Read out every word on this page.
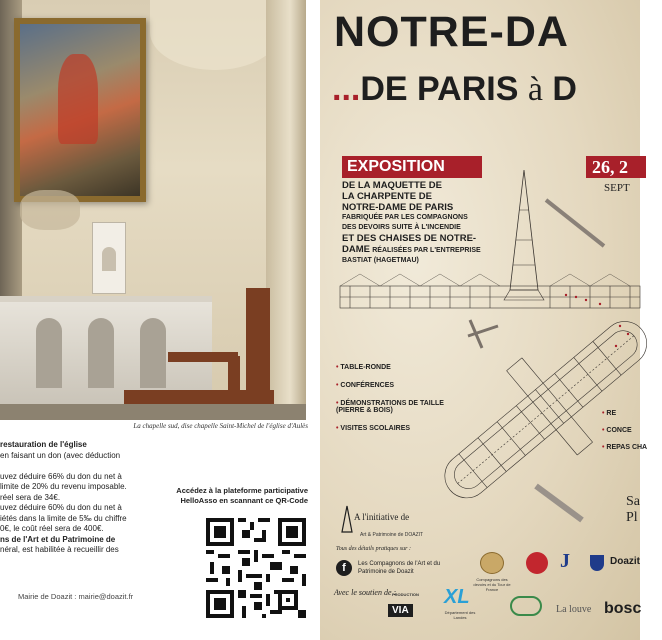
La chapelle sud, dise chapelle Saint-Michel de l'église d'Aulès

restauration de l'église

en faisant un don (avec déduction

uvez déduire 66% du don du net à

limite de 20% du revenu imposable.

réel sera de 34€.

uvez déduire 60% du don du net à

iétés dans la limite de 5‰ du chiffre

0€, le coût réel sera de 400€.

ns de l'Art et du Patrimoine de

néral, est habilitée à recueillir des

Accédez à la plateforme participative HelloAsso en scannant ce QR-Code
Mairie de Doazit : mairie@doazit.fr
NOTRE-DA
...DE PARIS à D
EXPOSITION	26, 2
SEPT
DE LA MAQUETTE DE
LA CHARPENTE DE
NOTRE-DAME DE PARIS
FABRIQUÉE PAR LES COMPAGNONS
DES DEVOIRS SUITE À L'INCENDIE
ET DES CHAISES DE NOTRE-
DAME RÉALISÉES PAR L'ENTREPRISE
BASTIAT (HAGETMAU)
• TABLE-RONDE
• CONFÉRENCES
• DÉMONSTRATIONS DE TAILLE (PIERRE & BOIS)
• VISITES SCOLAIRES
• RE
• CONCE
• REPAS CHA
Sa
Pl
A l'initiative de
Art & Patrimoine de DOAZIT
Tous des détails pratiques sur :
f	Les Compagnons de l'Art et du Patrimoine de Doazit
Avec le soutien de :
Compagnons des devoirs et du Tour de France
J	Doazit
VIA
PRODUCTION XL
Département des Landes
La louve bosc
